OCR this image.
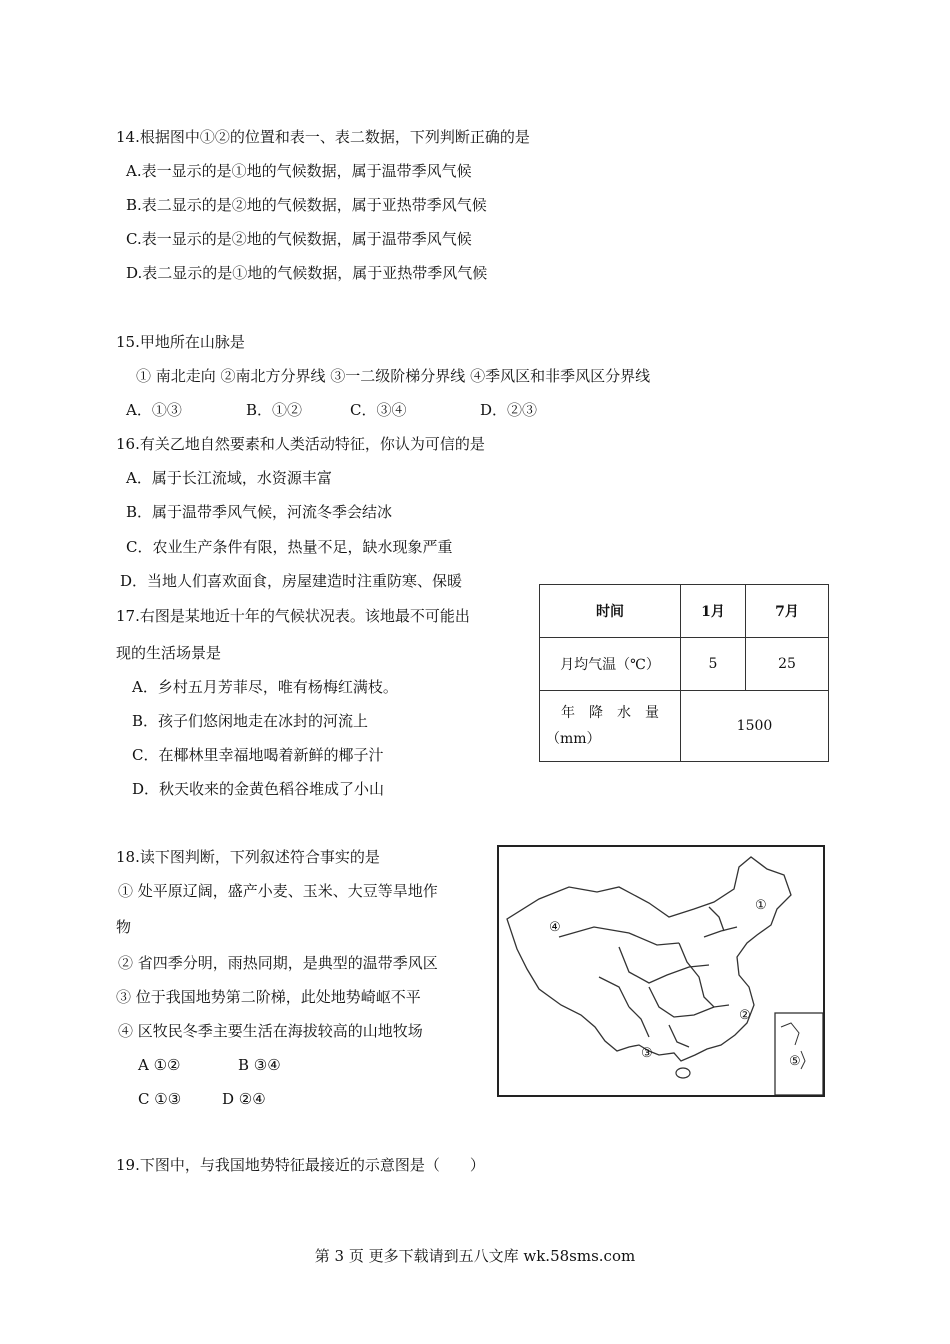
14.根据图中①②的位置和表一、表二数据，下列判断正确的是
A.表一显示的是①地的气候数据，属于温带季风气候
B.表二显示的是②地的气候数据，属于亚热带季风气候
C.表一显示的是②地的气候数据，属于温带季风气候
D.表二显示的是①地的气候数据，属于亚热带季风气候
15.甲地所在山脉是
① 南北走向 ②南北方分界线 ③一二级阶梯分界线 ④季风区和非季风区分界线
A．①③	B．①②	C．③④	D．②③
16.有关乙地自然要素和人类活动特征，你认为可信的是
A．属于长江流域，水资源丰富
B．属于温带季风气候，河流冬季会结冰
C．农业生产条件有限，热量不足，缺水现象严重
D．当地人们喜欢面食，房屋建造时注重防寒、保暖
17.右图是某地近十年的气候状况表。该地最不可能出
现的生活场景是
A．乡村五月芳菲尽，唯有杨梅红满枝。
B．孩子们悠闲地走在冰封的河流上
C．在椰林里幸福地喝着新鲜的椰子汁
D．秋天收来的金黄色稻谷堆成了小山
时间	1月	7月
月均气温（℃）	5	25

年　降　水　量
（mm）	1500	
18.读下图判断，下列叙述符合事实的是
① 处平原辽阔，盛产小麦、玉米、大豆等旱地作
物
② 省四季分明，雨热同期，是典型的温带季风区
③ 位于我国地势第二阶梯，此处地势崎岖不平
④ 区牧民冬季主要生活在海拔较高的山地牧场
A ①②	B ③④
C ①③	D ②④
①
②
③
④
⑤
19.下图中，与我国地势特征最接近的示意图是（　　）
第 3 页 更多下载请到五八文库 wk.58sms.com
